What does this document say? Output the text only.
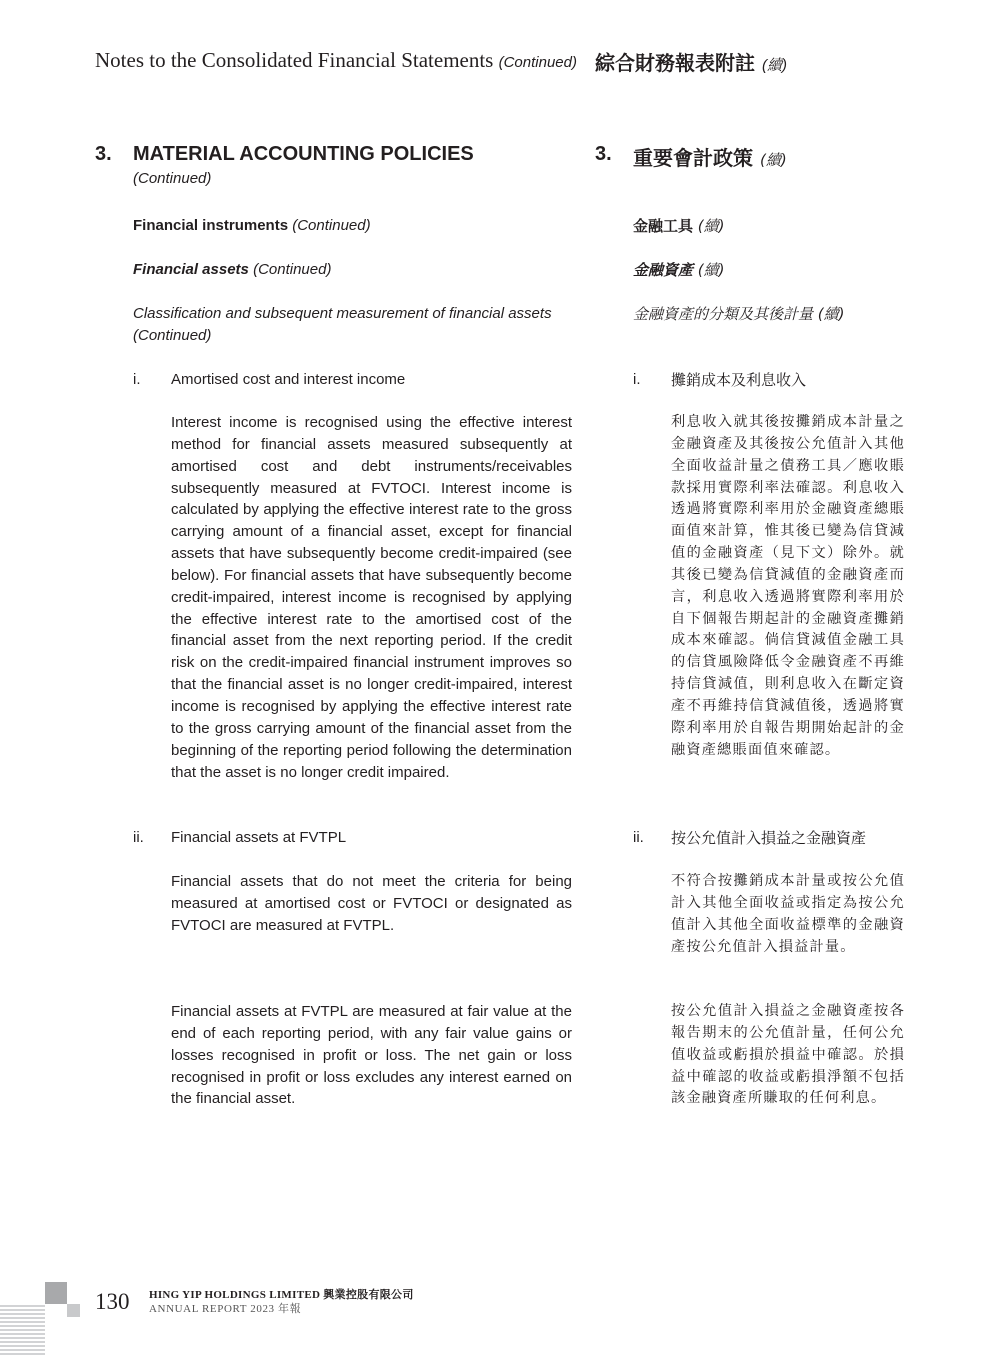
Notes to the Consolidated Financial Statements (Continued) 綜合財務報表附註 (續)
3. MATERIAL ACCOUNTING POLICIES
(Continued)
3. 重要會計政策 (續)
Financial instruments (Continued)	金融工具 (續)
Financial assets (Continued)	金融資產 (續)
Classification and subsequent measurement of financial assets (Continued)
金融資產的分類及其後計量 (續)
i. Amortised cost and interest income	i. 攤銷成本及利息收入
Interest income is recognised using the effective interest method for financial assets measured subsequently at amortised cost and debt instruments/receivables subsequently measured at FVTOCI. Interest income is calculated by applying the effective interest rate to the gross carrying amount of a financial asset, except for financial assets that have subsequently become credit-impaired (see below). For financial assets that have subsequently become credit-impaired, interest income is recognised by applying the effective interest rate to the amortised cost of the financial asset from the next reporting period. If the credit risk on the credit-impaired financial instrument improves so that the financial asset is no longer credit-impaired, interest income is recognised by applying the effective interest rate to the gross carrying amount of the financial asset from the beginning of the reporting period following the determination that the asset is no longer credit impaired.
利息收入就其後按攤銷成本計量之金融資產及其後按公允值計入其他全面收益計量之債務工具／應收賬款採用實際利率法確認。利息收入透過將實際利率用於金融資產總賬面值來計算，惟其後已變為信貸減值的金融資產（見下文）除外。就其後已變為信貸減值的金融資產而言，利息收入透過將實際利率用於自下個報告期起計的金融資產攤銷成本來確認。倘信貸減值金融工具的信貸風險降低令金融資產不再維持信貸減值，則利息收入在斷定資產不再維持信貸減值後，透過將實際利率用於自報告期開始起計的金融資產總賬面值來確認。
ii. Financial assets at FVTPL	ii. 按公允值計入損益之金融資產
Financial assets that do not meet the criteria for being measured at amortised cost or FVTOCI or designated as FVTOCI are measured at FVTPL.
不符合按攤銷成本計量或按公允值計入其他全面收益或指定為按公允值計入其他全面收益標準的金融資產按公允值計入損益計量。
Financial assets at FVTPL are measured at fair value at the end of each reporting period, with any fair value gains or losses recognised in profit or loss. The net gain or loss recognised in profit or loss excludes any interest earned on the financial asset.
按公允值計入損益之金融資產按各報告期末的公允值計量，任何公允值收益或虧損於損益中確認。於損益中確認的收益或虧損淨額不包括該金融資產所賺取的任何利息。
130 HING YIP HOLDINGS LIMITED 興業控股有限公司
ANNUAL REPORT 2023 年報
